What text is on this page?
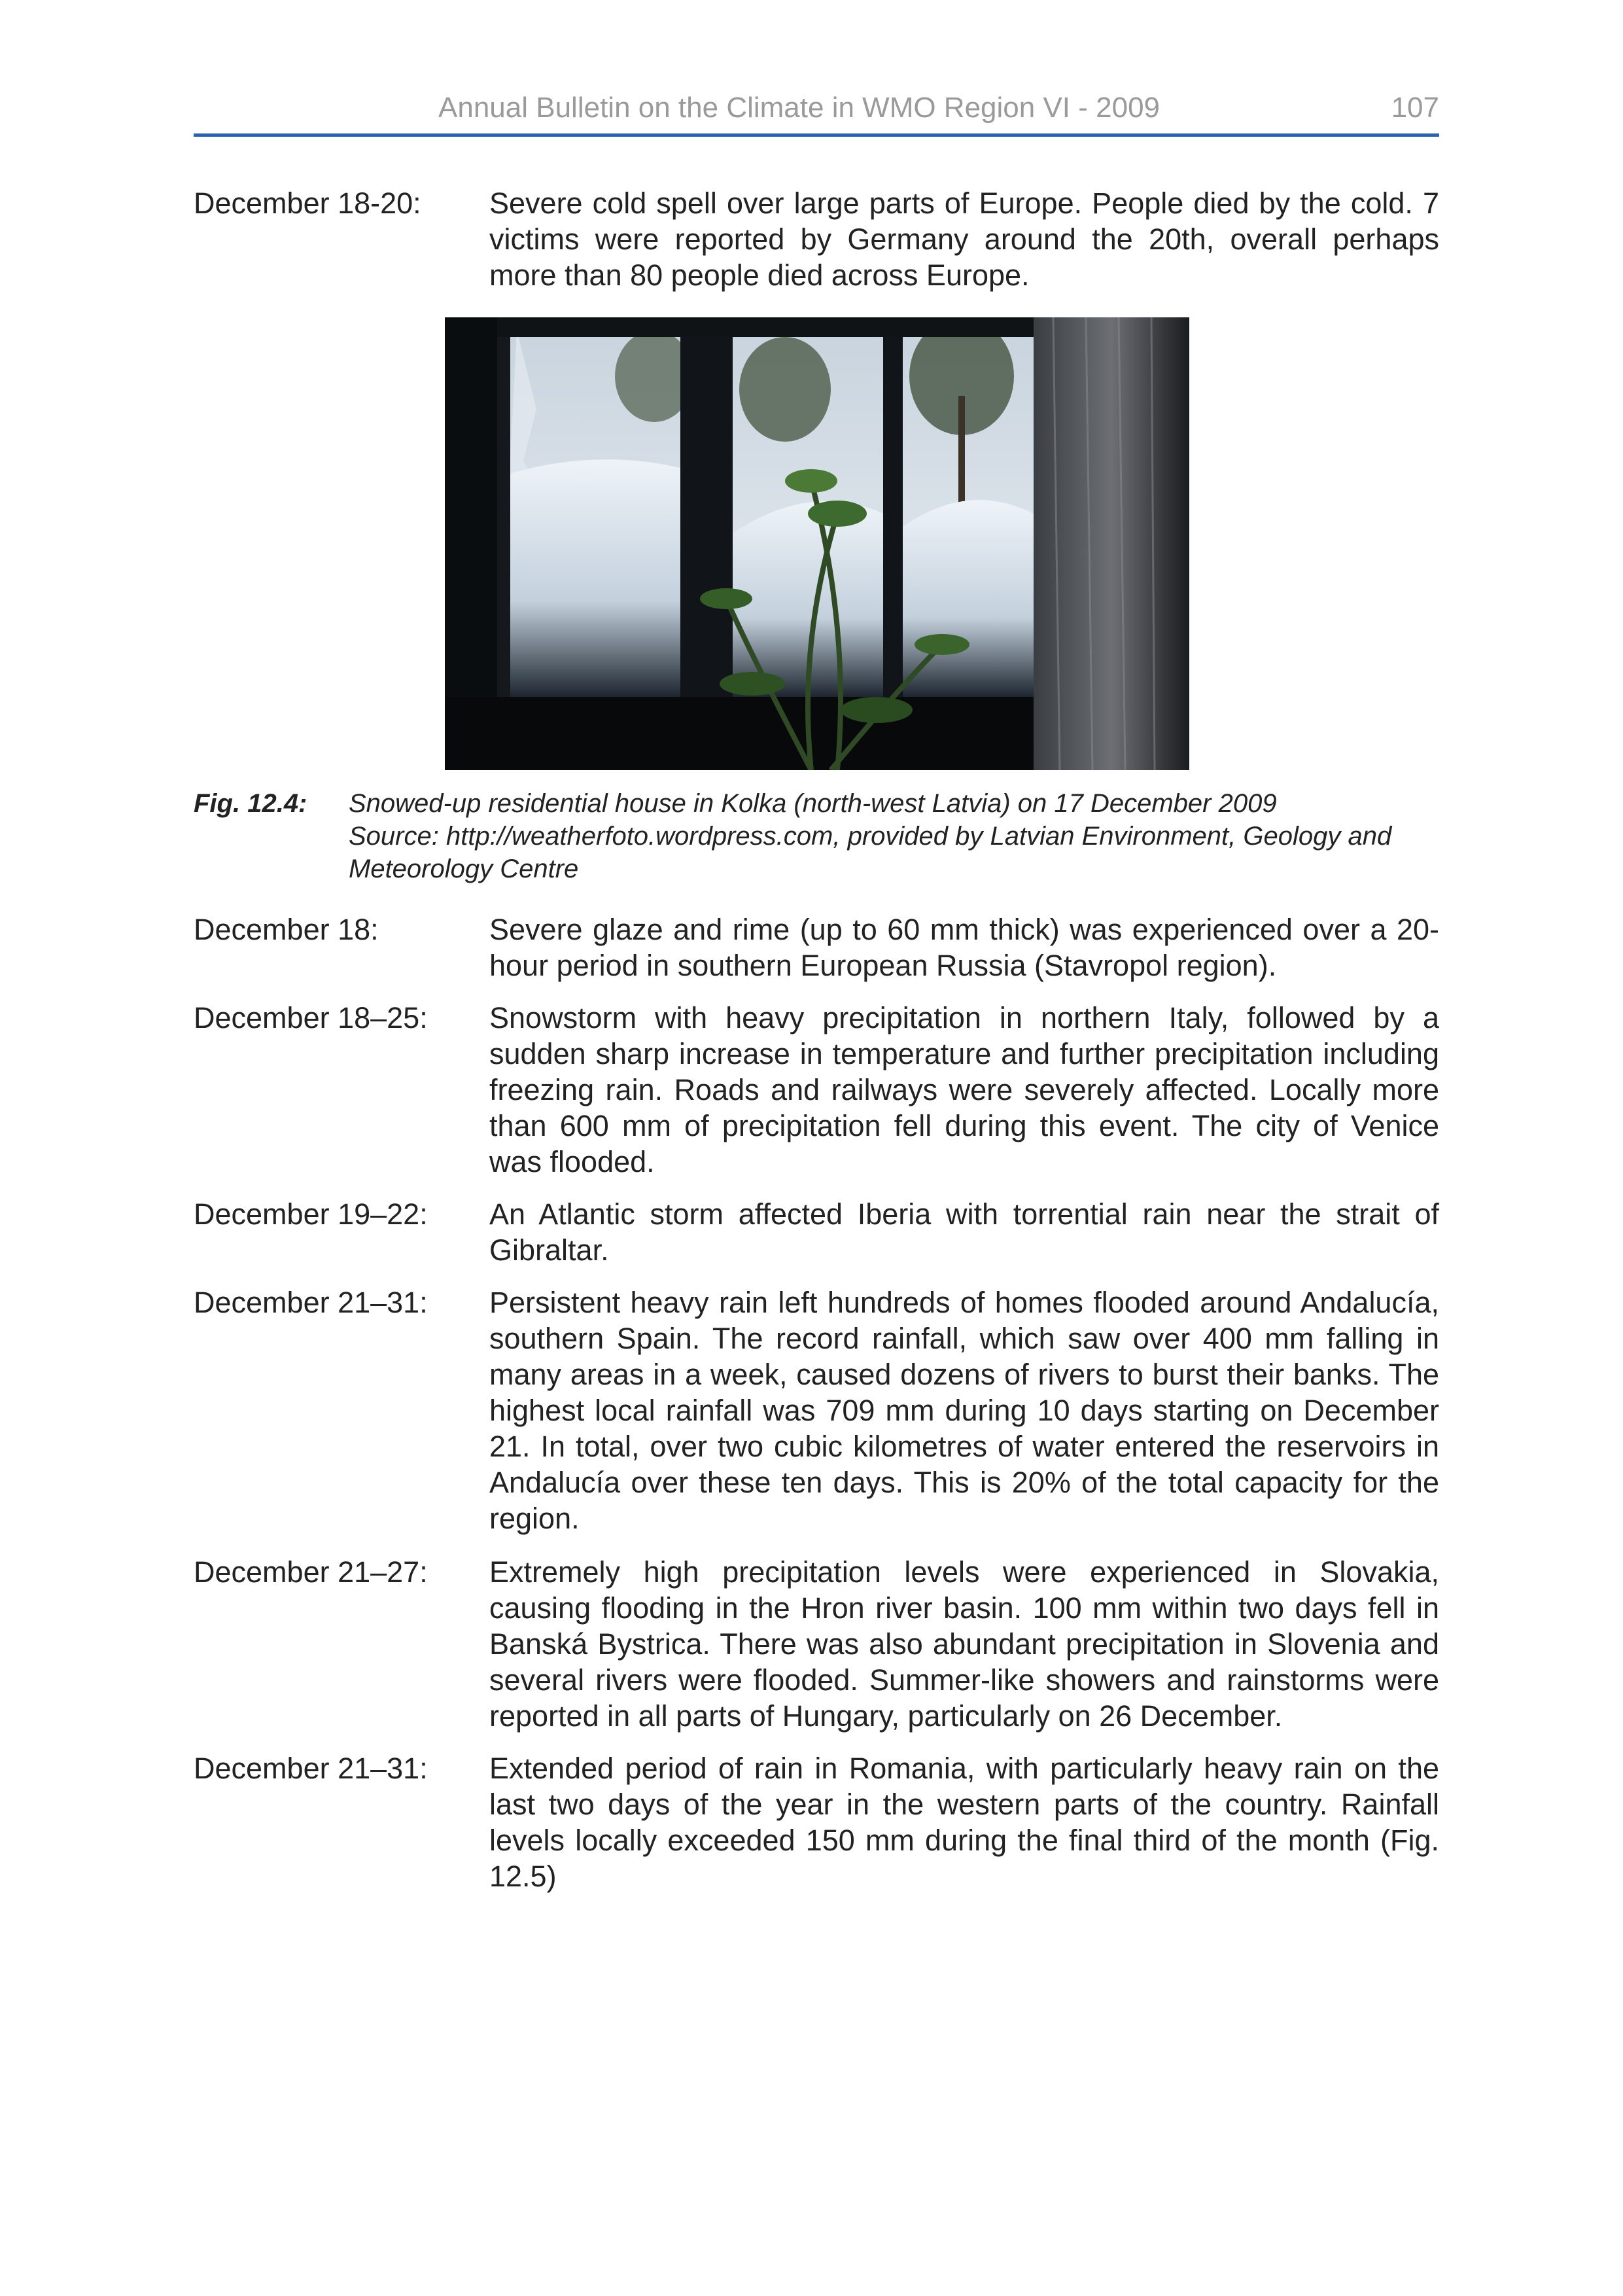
Annual Bulletin on the Climate in WMO Region VI - 2009	107
December 18-20: Severe cold spell over large parts of Europe. People died by the cold. 7 victims were reported by Germany around the 20th, overall perhaps more than 80 people died across Europe.
Fig. 12.4: Snowed-up residential house in Kolka (north-west Latvia) on 17 December 2009
Source: http://weatherfoto.wordpress.com, provided by Latvian Environment, Geology and
Meteorology Centre
December 18:	Severe glaze and rime (up to 60 mm thick) was experienced over a 20-hour period in southern European Russia (Stavropol region).
December 18–25: Snowstorm with heavy precipitation in northern Italy, followed by a sudden sharp increase in temperature and further precipitation including freezing rain. Roads and railways were severely affected. Locally more than 600 mm of precipitation fell during this event. The city of Venice was flooded.
December 19–22: An Atlantic storm affected Iberia with torrential rain near the strait of Gibraltar.
December 21–31: Persistent heavy rain left hundreds of homes flooded around Andalucía, southern Spain. The record rainfall, which saw over 400 mm falling in many areas in a week, caused dozens of rivers to burst their banks. The highest local rainfall was 709 mm during 10 days starting on December 21. In total, over two cubic kilometres of water entered the reservoirs in Andalucía over these ten days. This is 20% of the total capacity for the region.
December 21–27: Extremely high precipitation levels were experienced in Slovakia, causing flooding in the Hron river basin. 100 mm within two days fell in Banská Bystrica. There was also abundant precipitation in Slovenia and several rivers were flooded. Summer-like showers and rainstorms were reported in all parts of Hungary, particularly on 26 December.
December 21–31: Extended period of rain in Romania, with particularly heavy rain on the last two days of the year in the western parts of the country. Rainfall levels locally exceeded 150 mm during the final third of the month (Fig. 12.5)
